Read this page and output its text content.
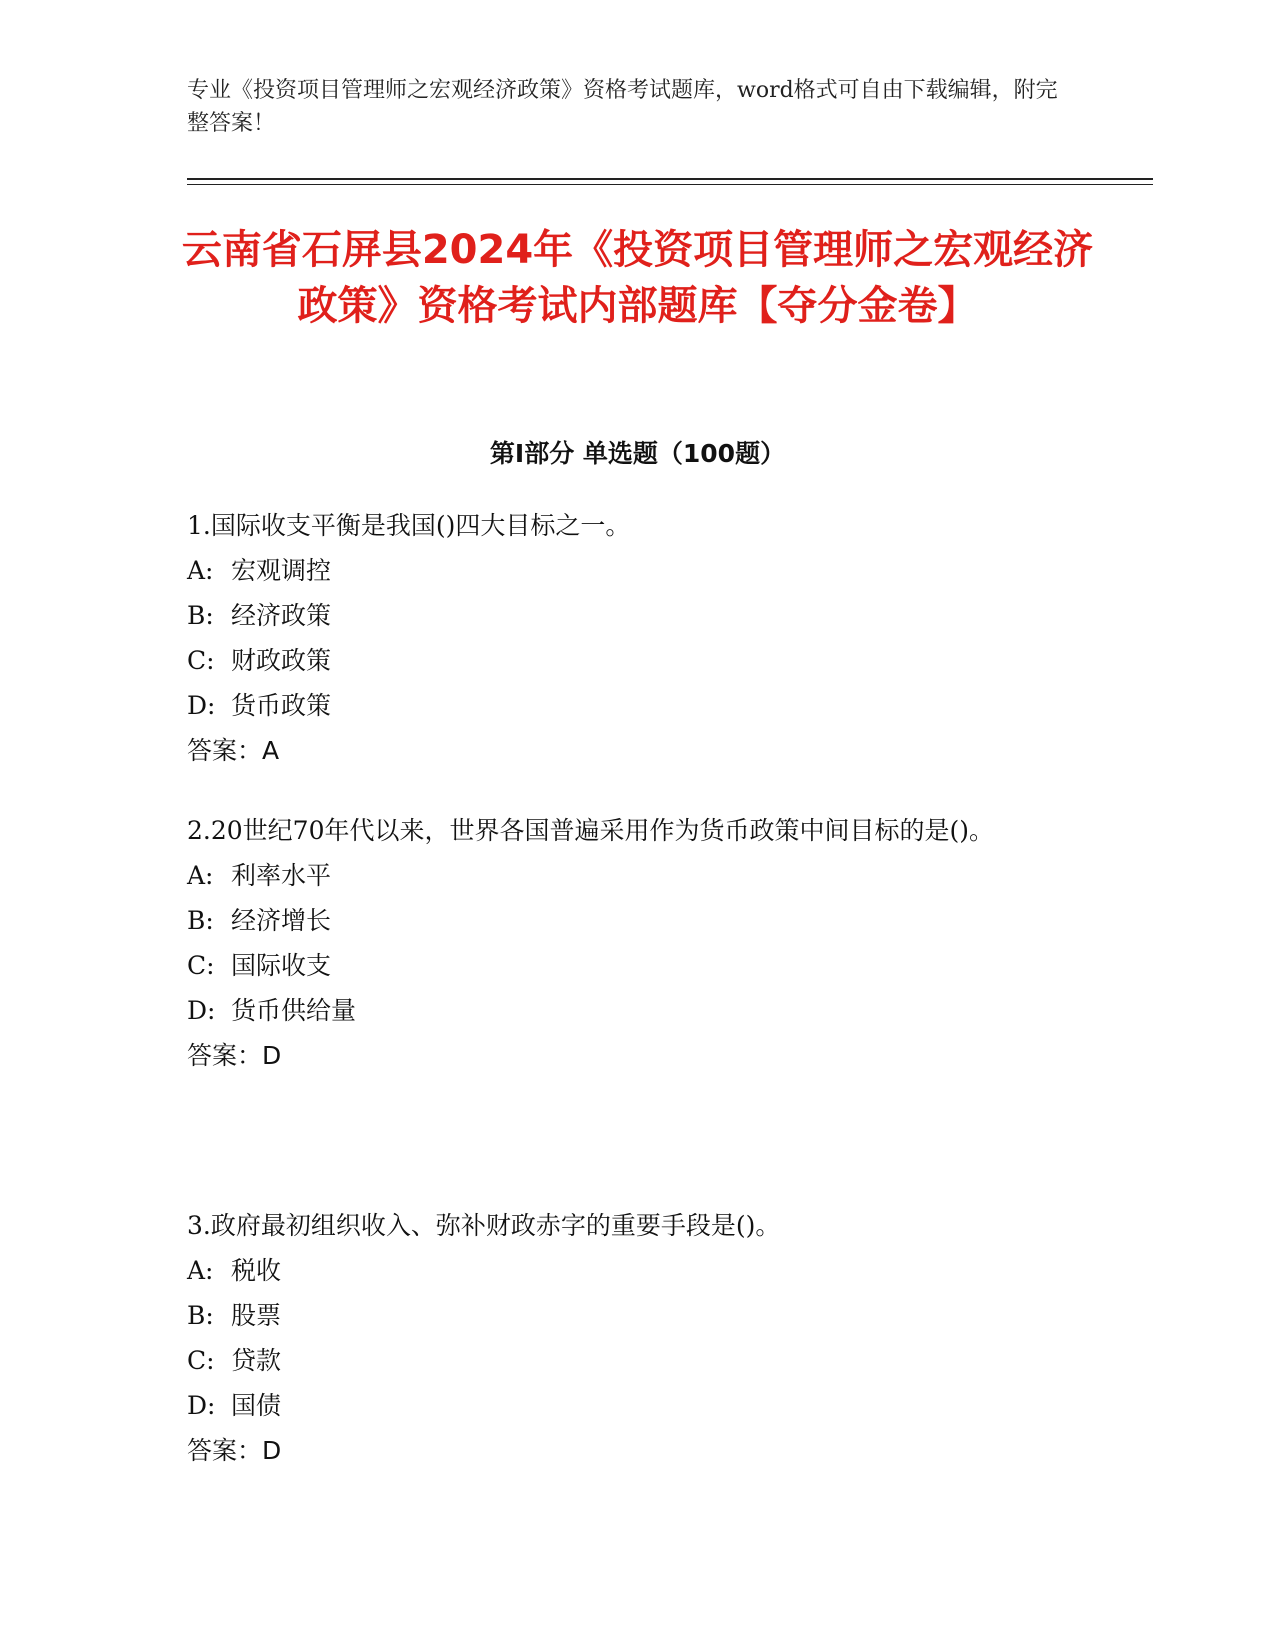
专业《投资项目管理师之宏观经济政策》资格考试题库，word格式可自由下载编辑，附完整答案！

云南省石屏县2024年《投资项目管理师之宏观经济政策》资格考试内部题库【夺分金卷】
第I部分 单选题（100题）

1.国际收支平衡是我国()四大目标之一。

A: 宏观调控

B: 经济政策

C: 财政政策

D: 货币政策

答案：A

2.20世纪70年代以来，世界各国普遍采用作为货币政策中间目标的是()。

A: 利率水平

B: 经济增长

C: 国际收支

D: 货币供给量

答案：D

3.政府最初组织收入、弥补财政赤字的重要手段是()。

A: 税收

B: 股票

C: 贷款

D: 国债

答案：D
